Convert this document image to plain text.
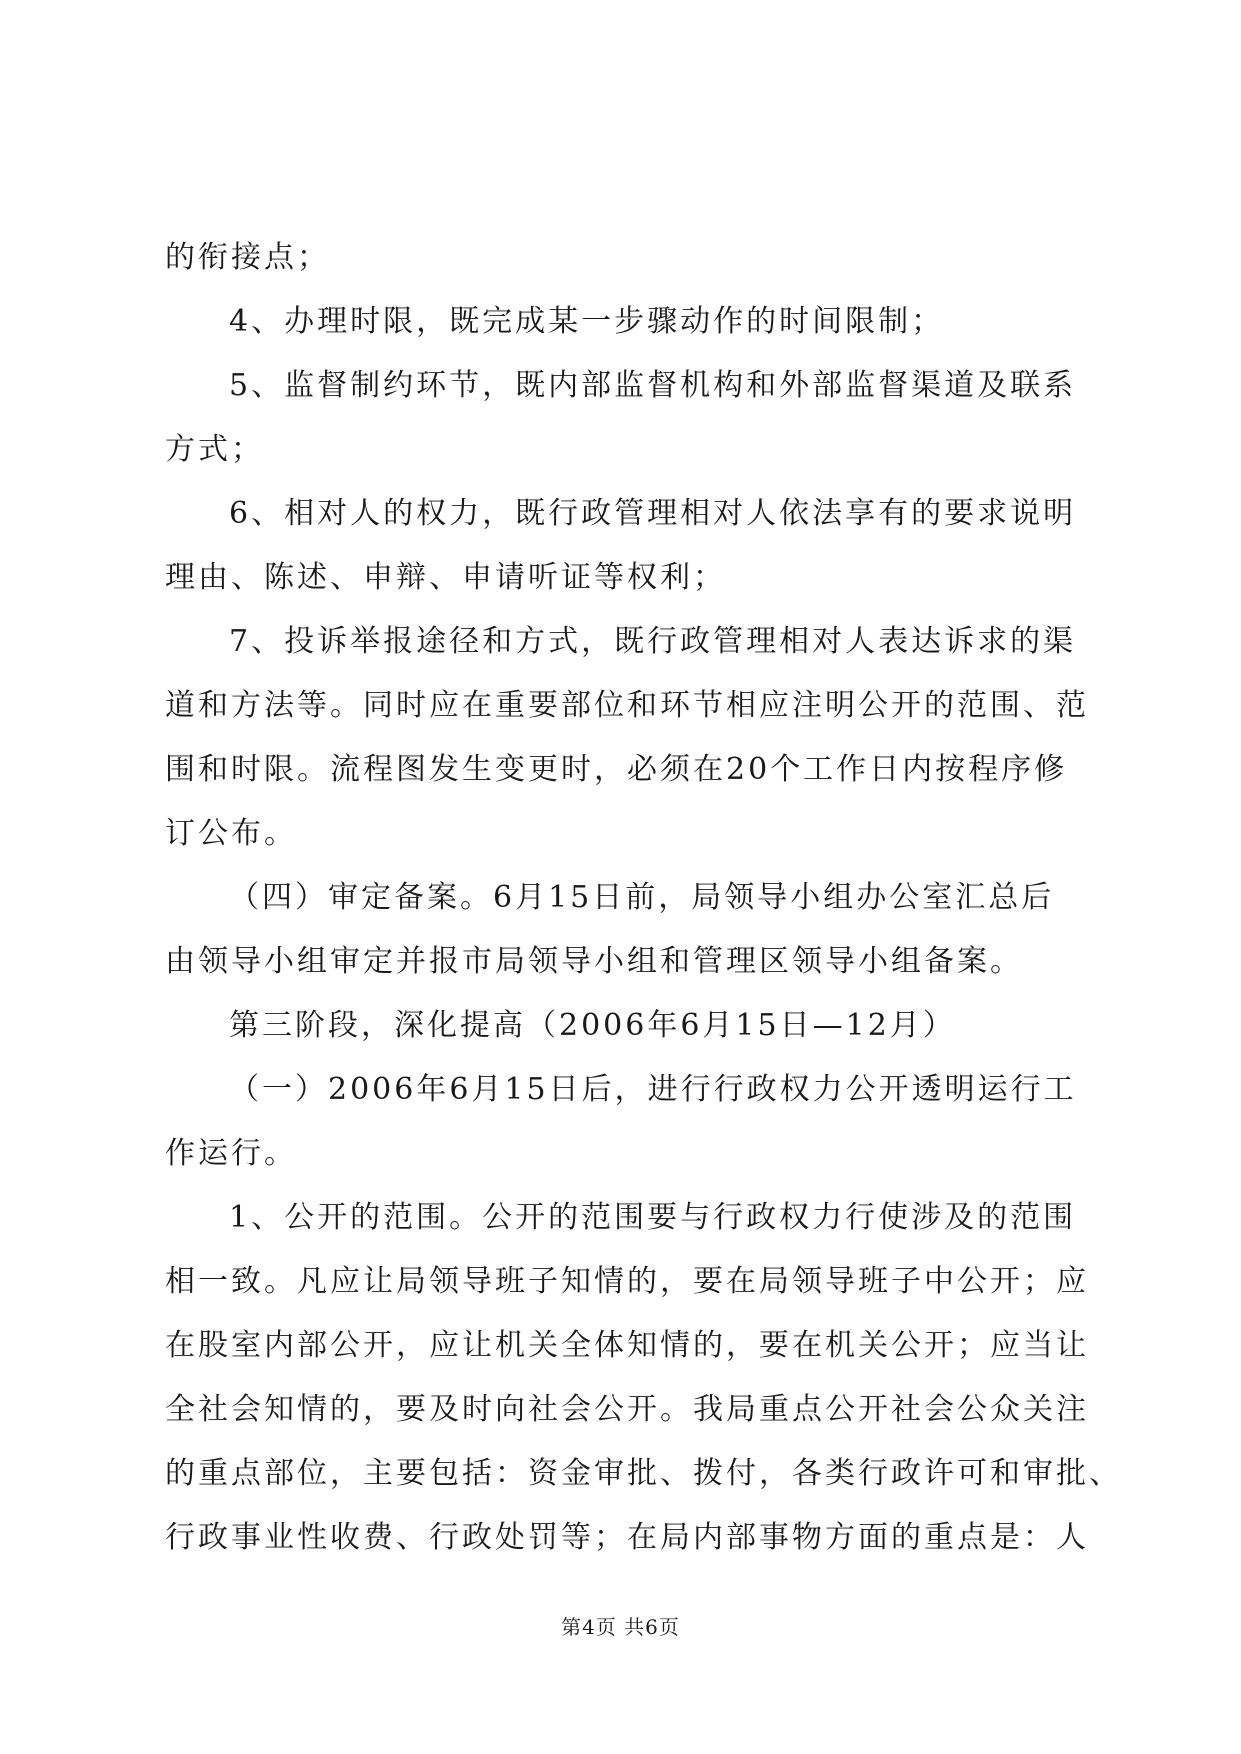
的衔接点；
4、办理时限，既完成某一步骤动作的时间限制；
5、监督制约环节，既内部监督机构和外部监督渠道及联系
方式；
6、相对人的权力，既行政管理相对人依法享有的要求说明
理由、陈述、申辩、申请听证等权利；
7、投诉举报途径和方式，既行政管理相对人表达诉求的渠
道和方法等。同时应在重要部位和环节相应注明公开的范围、范
围和时限。流程图发生变更时，必须在20个工作日内按程序修
订公布。
（四）审定备案。6月15日前，局领导小组办公室汇总后
由领导小组审定并报市局领导小组和管理区领导小组备案。
第三阶段，深化提高（2006年6月15日—12月）
（一）2006年6月15日后，进行行政权力公开透明运行工
作运行。
1、公开的范围。公开的范围要与行政权力行使涉及的范围
相一致。凡应让局领导班子知情的，要在局领导班子中公开；应
在股室内部公开，应让机关全体知情的，要在机关公开；应当让
全社会知情的，要及时向社会公开。我局重点公开社会公众关注
的重点部位，主要包括：资金审批、拨付，各类行政许可和审批、
行政事业性收费、行政处罚等；在局内部事物方面的重点是：人
第4页 共6页
